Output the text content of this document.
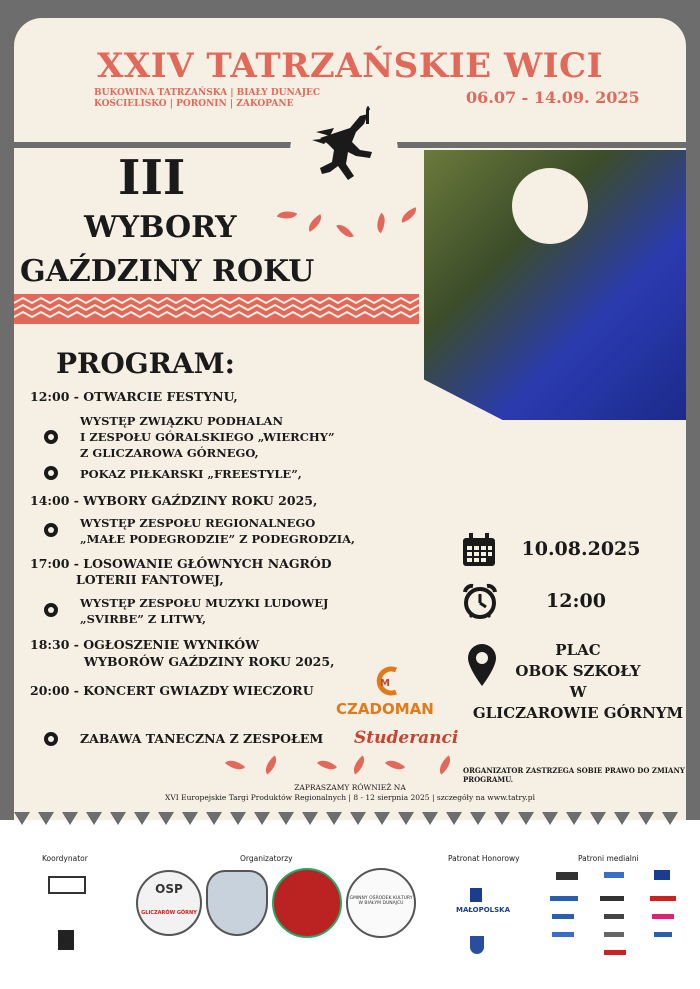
XXIV TATRZAŃSKIE WICI
BUKOWINA TATRZAŃSKA | BIAŁY DUNAJEC
KOŚCIELISKO | PORONIN | ZAKOPANE	06.07 - 14.09. 2025
III
WYBORY
GAŹDZINY ROKU
PROGRAM:
12:00 - OTWARCIE FESTYNU,
WYSTĘP ZWIĄZKU PODHALAN
I ZESPOŁU GÓRALSKIEGO „WIERCHY”
Z GLICZAROWA GÓRNEGO,
POKAZ PIŁKARSKI „FREESTYLE”,
14:00 - WYBORY GAŹDZINY ROKU 2025,
WYSTĘP ZESPOŁU REGIONALNEGO
„MAŁE PODEGRODZIE” Z PODEGRODZIA,
17:00 - LOSOWANIE GŁÓWNYCH NAGRÓD
LOTERII FANTOWEJ,
WYSTĘP ZESPOŁU MUZYKI LUDOWEJ
„SVIRBE” Z LITWY,
18:30 - OGŁOSZENIE WYNIKÓW
WYBORÓW GAŹDZINY ROKU 2025,
20:00 - KONCERT GWIAZDY WIECZORU
ZABAWA TANECZNA Z ZESPOŁEM
M
CZADOMAN
Studeranci
10.08.2025
12:00
PLAC
OBOK SZKOŁY
W
GLICZAROWIE GÓRNYM
ORGANIZATOR ZASTRZEGA SOBIE PRAWO DO ZMIANY PROGRAMU.
ZAPRASZAMY RÓWNIEŻ NA
XVI Europejskie Targi Produktów Regionalnych | 8 - 12 sierpnia 2025 | szczegóły na www.tatry.pl
Koordynator	Organizatorzy	Patronat Honorowy	Patroni medialni
OSP
GLICZARÓW GÓRNY
GMINNY OŚRODEK KULTURY W BIAŁYM DUNAJCU
MAŁOPOLSKA
